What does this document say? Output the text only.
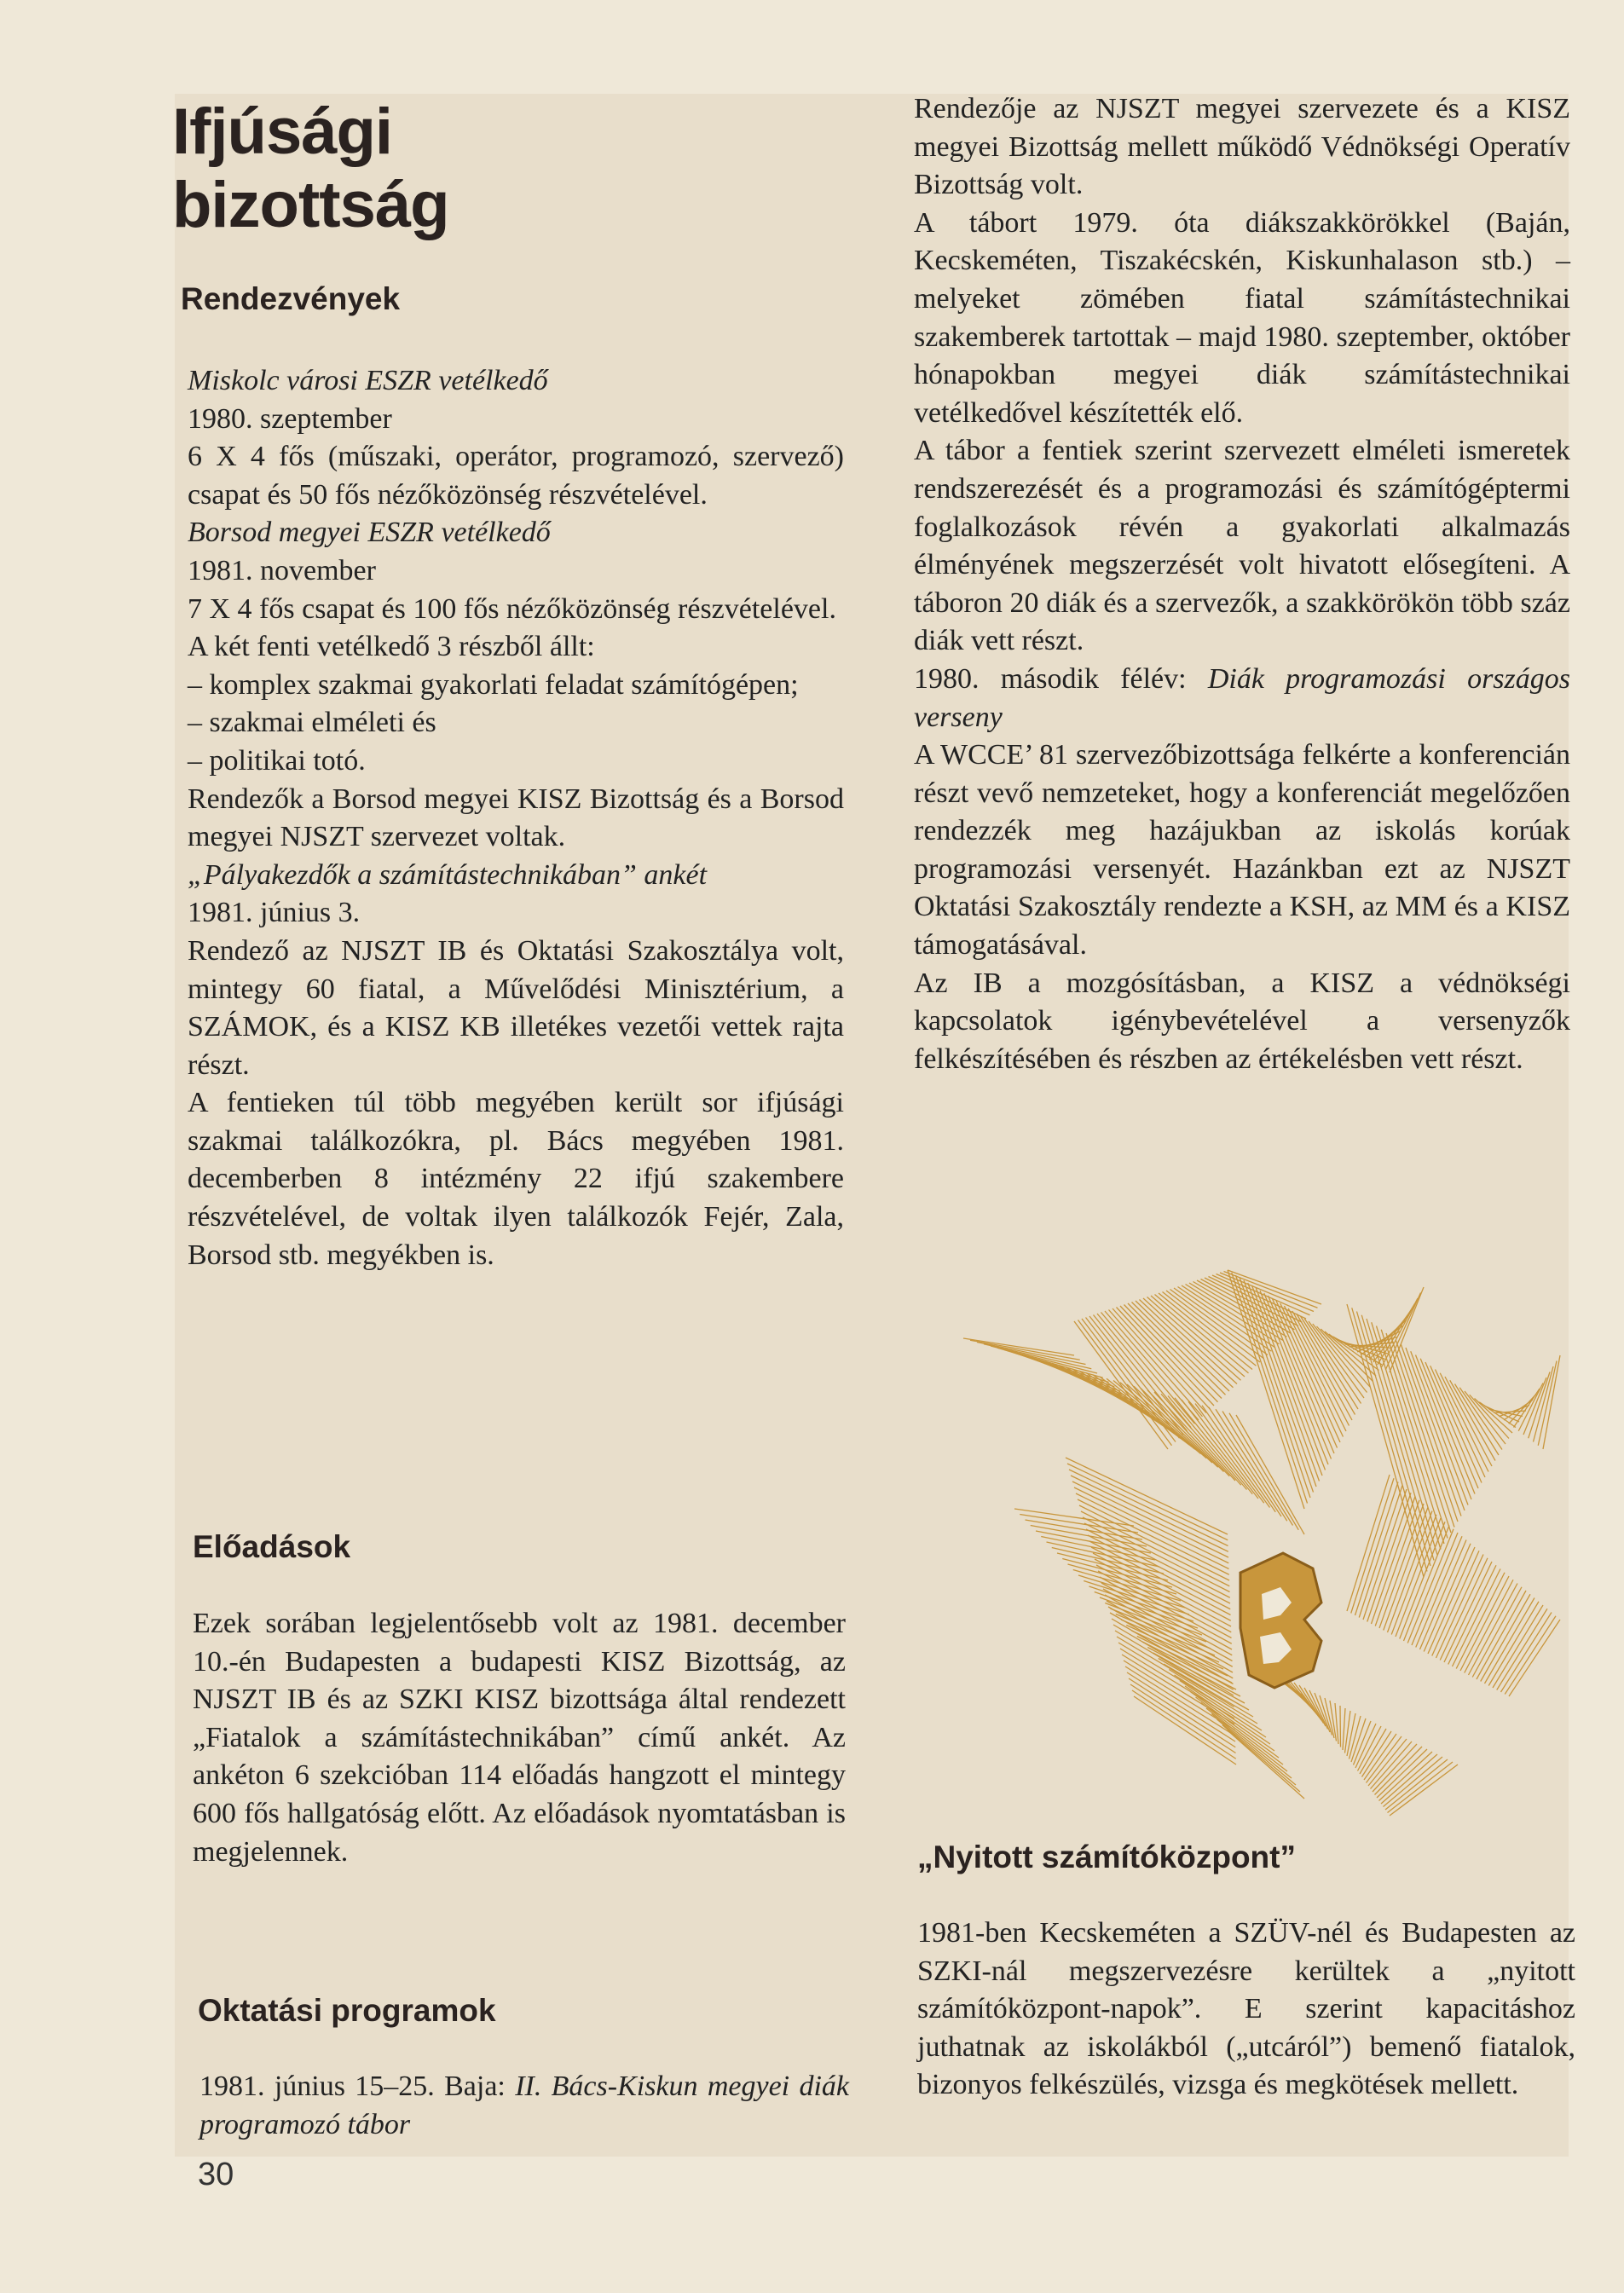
Ifjúsági
bizottság
Rendezvények

Miskolc városi ESZR vetélkedő

1980. szeptember

6 X 4 fős (műszaki, operátor, programozó, szervező) csapat és 50 fős nézőközönség részvételével.

Borsod megyei ESZR vetélkedő

1981. november

7 X 4 fős csapat és 100 fős nézőközönség részvételével.

A két fenti vetélkedő 3 részből állt:

– komplex szakmai gyakorlati feladat számítógépen;

– szakmai elméleti és

– politikai totó.

Rendezők a Borsod megyei KISZ Bizottság és a Borsod megyei NJSZT szervezet voltak.

„Pályakezdők a számítástechnikában” ankét

1981. június 3.

Rendező az NJSZT IB és Oktatási Szakosztálya volt, mintegy 60 fiatal, a Művelődési Minisztérium, a SZÁMOK, és a KISZ KB illetékes vezetői vettek rajta részt.

A fentieken túl több megyében került sor ifjúsági szakmai találkozókra, pl. Bács megyében 1981. decemberben 8 intézmény 22 ifjú szakembere részvételével, de voltak ilyen találkozók Fejér, Zala, Borsod stb. megyékben is.

Előadások
Ezek sorában legjelentősebb volt az 1981. december 10.-én Budapesten a budapesti KISZ Bizottság, az NJSZT IB és az SZKI KISZ bizottsága által rendezett „Fiatalok a számítástechnikában” című ankét. Az ankéton 6 szekcióban 114 előadás hangzott el mintegy 600 fős hallgatóság előtt. Az előadások nyomtatásban is megjelennek.
Oktatási programok
1981. június 15–25. Baja: II. Bács-Kiskun megyei diák programozó tábor

Rendezője az NJSZT megyei szervezete és a KISZ megyei Bizottság mellett működő Védnökségi Operatív Bizottság volt.

A tábort 1979. óta diákszakkörökkel (Baján, Kecskeméten, Tiszakécskén, Kiskunhalason stb.) – melyeket zömében fiatal számítástechnikai szakemberek tartottak – majd 1980. szeptember, október hónapokban megyei diák számítástechnikai vetélkedővel készítették elő.

A tábor a fentiek szerint szervezett elméleti ismeretek rendszerezését és a programozási és számítógéptermi foglalkozások révén a gyakorlati alkalmazás élményének megszerzését volt hivatott elősegíteni. A táboron 20 diák és a szervezők, a szakkörökön több száz diák vett részt.

1980. második félév: Diák programozási országos verseny

A WCCE’ 81 szervezőbizottsága felkérte a konferencián részt vevő nemzeteket, hogy a konferenciát megelőzően rendezzék meg hazájukban az iskolás korúak programozási versenyét. Hazánkban ezt az NJSZT Oktatási Szakosztály rendezte a KSH, az MM és a KISZ támogatásával.

Az IB a mozgósításban, a KISZ a védnökségi kapcsolatok igénybevételével a versenyzők felkészítésében és részben az értékelésben vett részt.

„Nyitott számítóközpont”
1981-ben Kecskeméten a SZÜV-nél és Budapesten az SZKI-nál megszervezésre kerültek a „nyitott számítóközpont-napok”. E szerint kapacitáshoz juthatnak az iskolákból („utcáról”) bemenő fiatalok, bizonyos felkészülés, vizsga és megkötések mellett.
30
